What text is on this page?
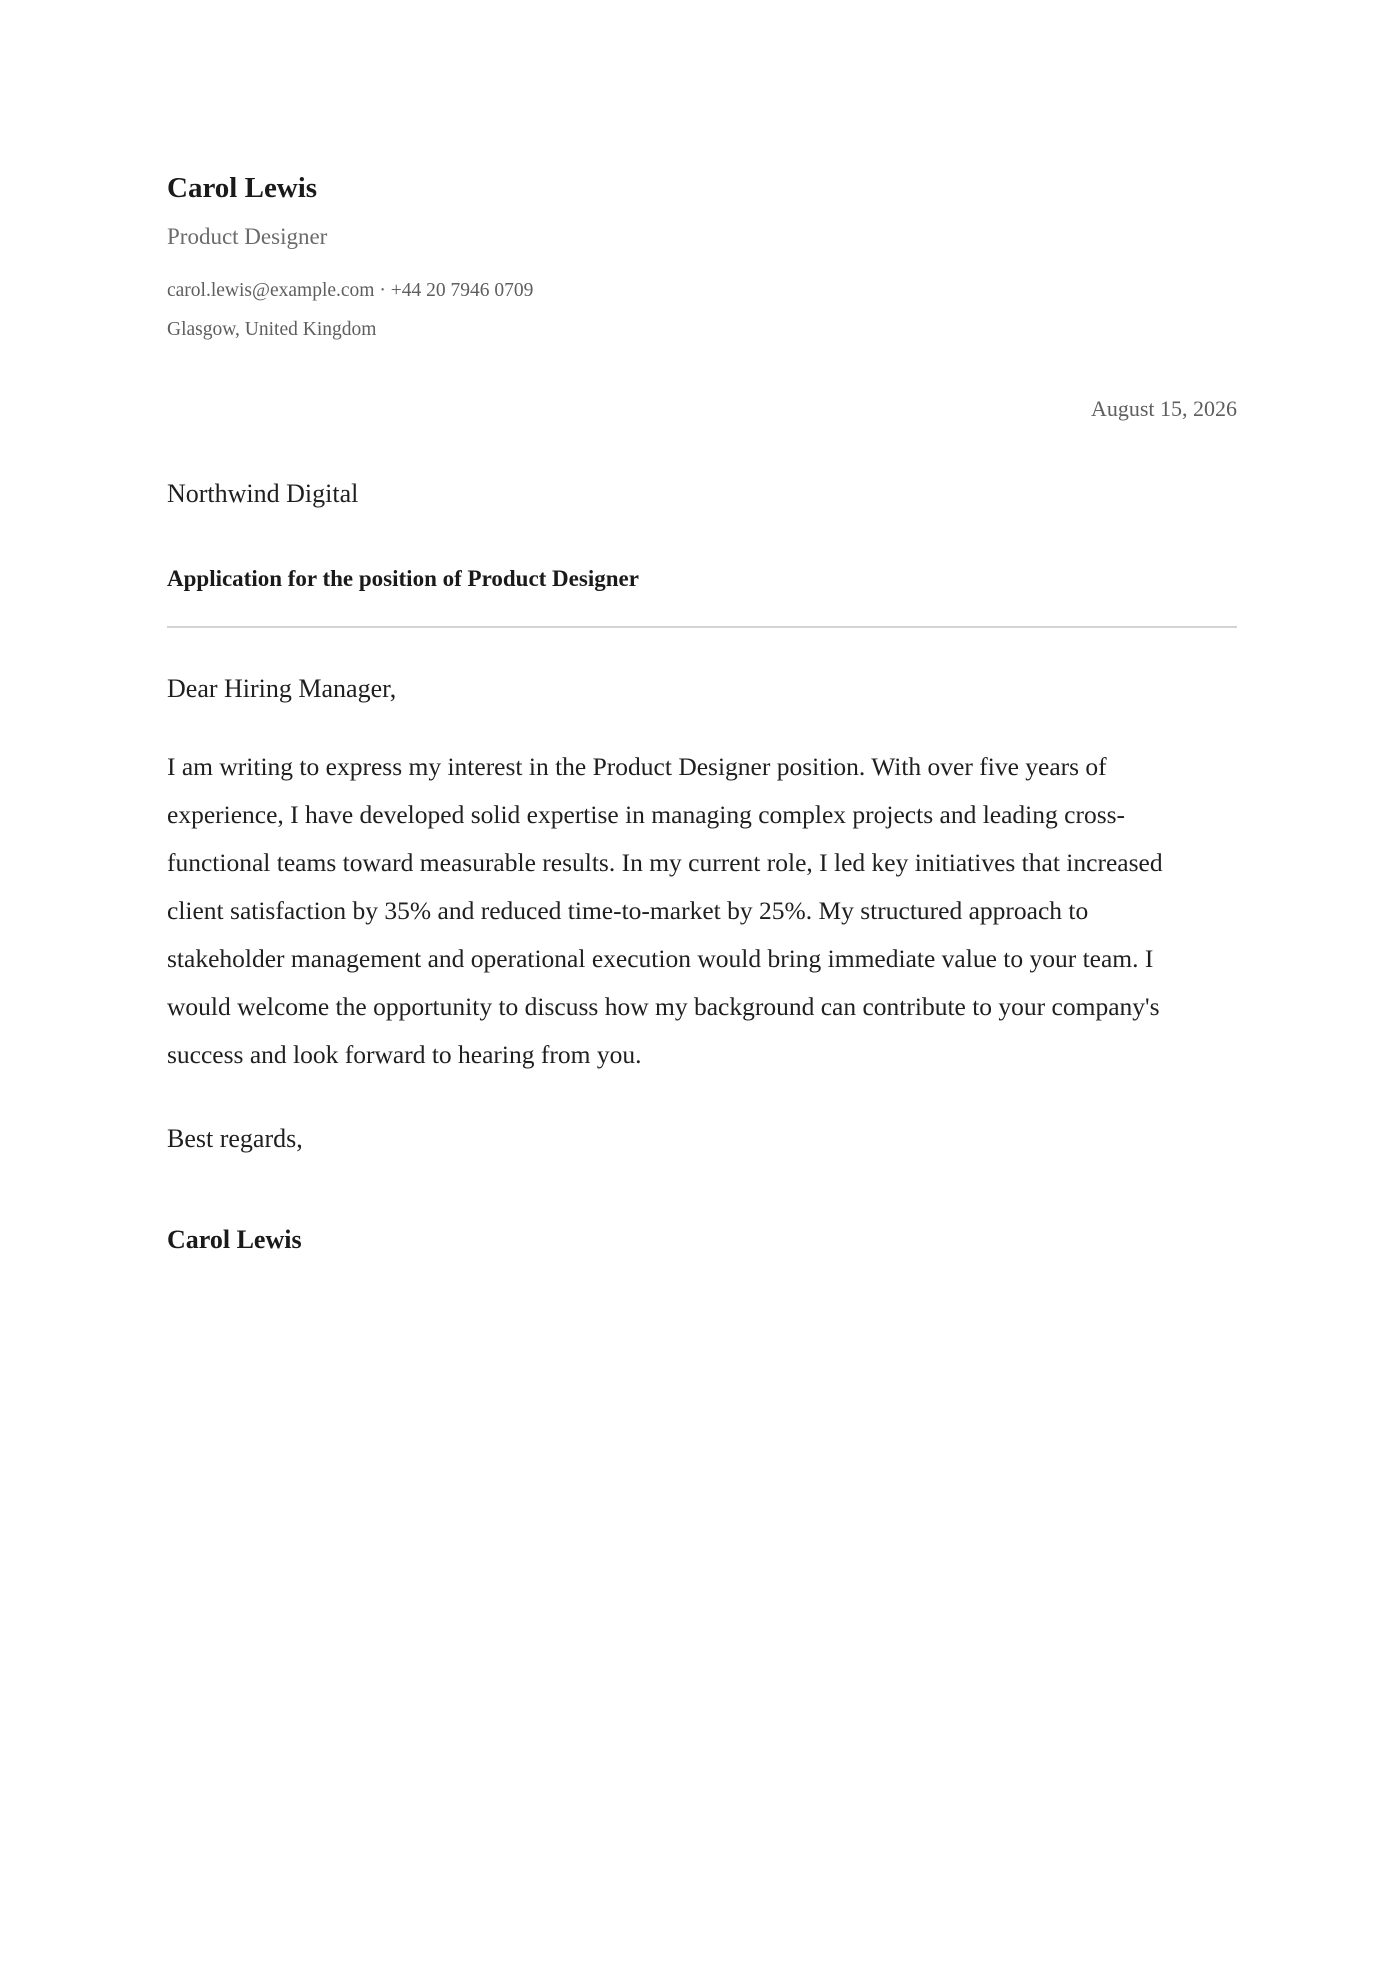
Carol Lewis
Product Designer
carol.lewis@example.com · +44 20 7946 0709
Glasgow, United Kingdom
August 15, 2026
Northwind Digital
Application for the position of Product Designer
Dear Hiring Manager,
I am writing to express my interest in the Product Designer position. With over five years of
experience, I have developed solid expertise in managing complex projects and leading cross-
functional teams toward measurable results. In my current role, I led key initiatives that increased
client satisfaction by 35% and reduced time-to-market by 25%. My structured approach to
stakeholder management and operational execution would bring immediate value to your team. I
would welcome the opportunity to discuss how my background can contribute to your company's
success and look forward to hearing from you.
Best regards,
Carol Lewis
